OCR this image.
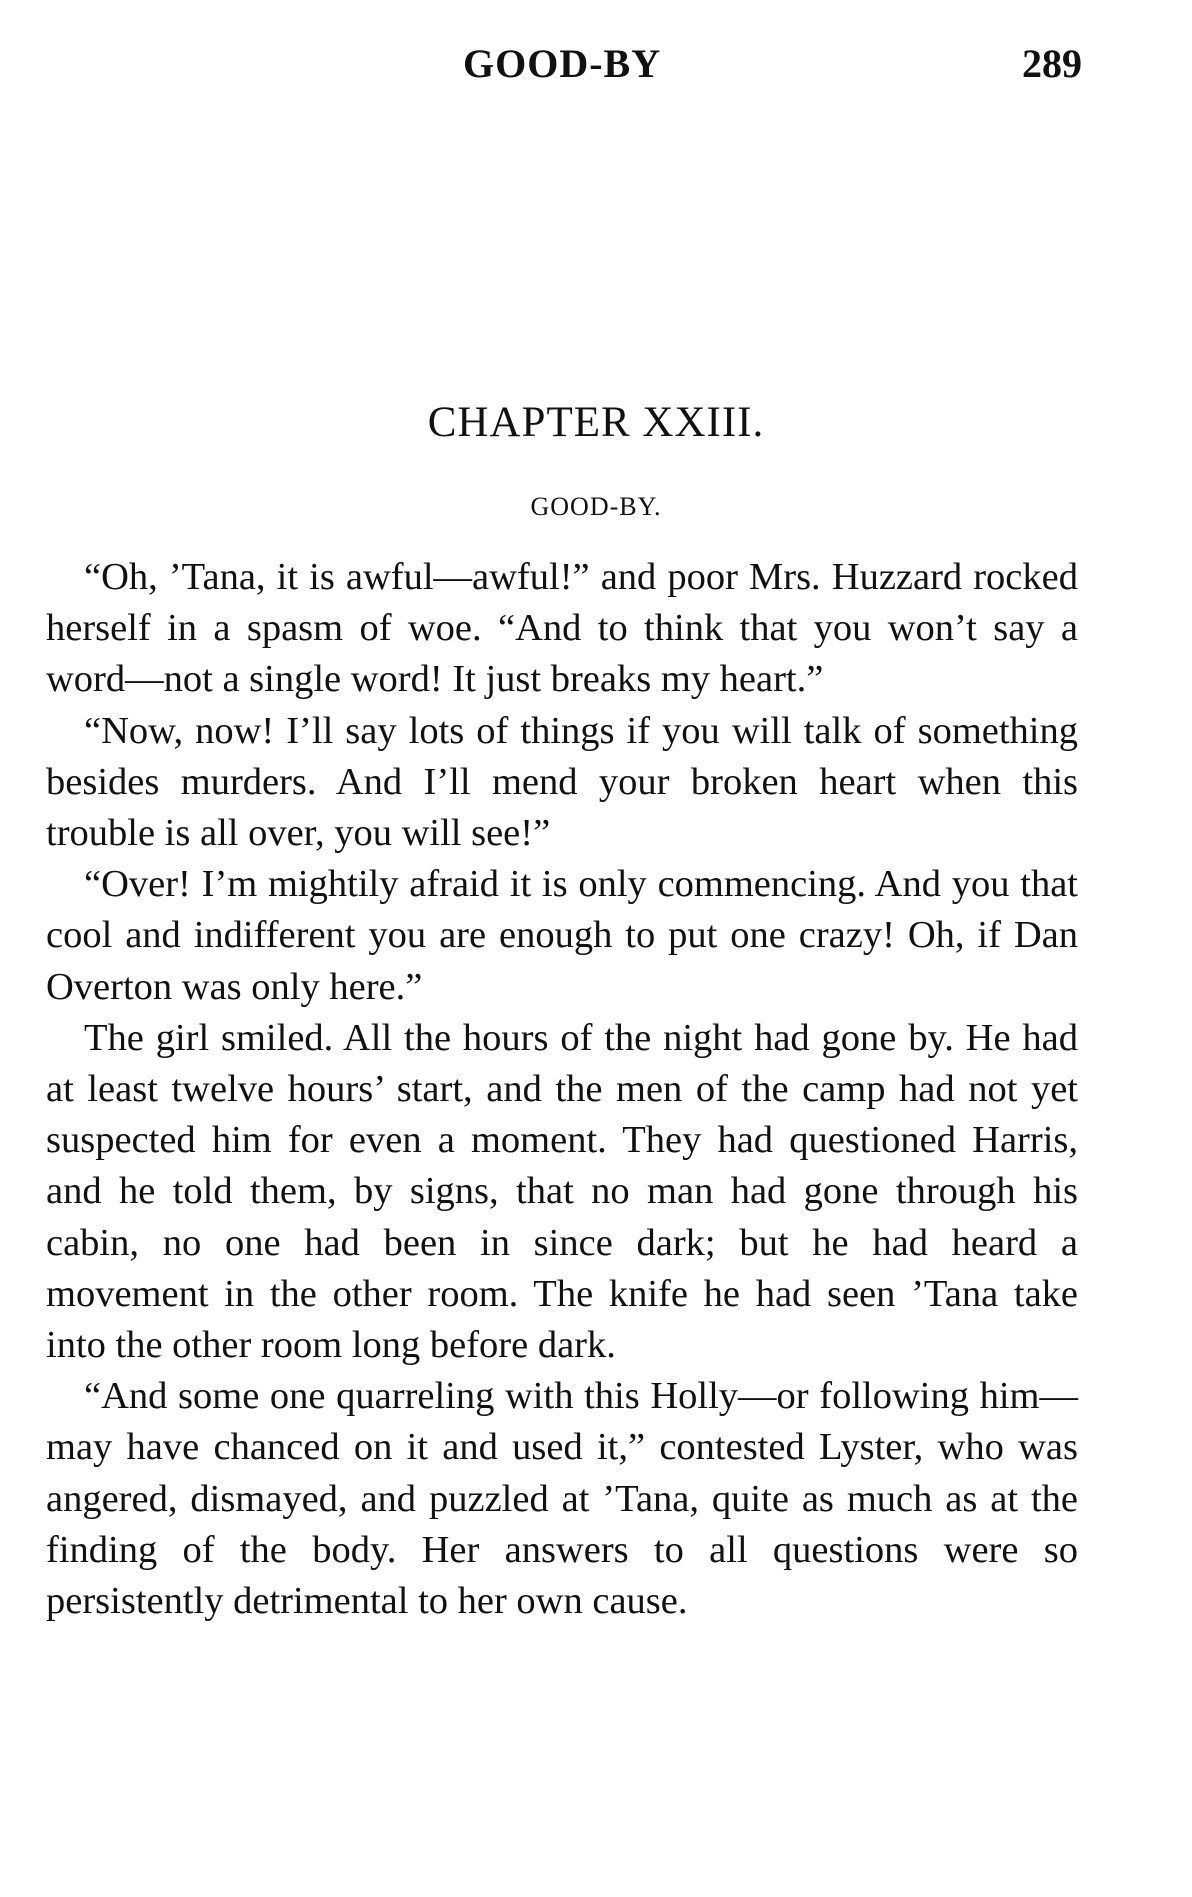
GOOD-BY	289
CHAPTER XXIII.
GOOD-BY.

“Oh, ’Tana, it is awful—awful!” and poor Mrs. Huzzard rocked herself in a spasm of woe. “And to think that you won’t say a word—not a single word! It just breaks my heart.”

“Now, now! I’ll say lots of things if you will talk of something besides murders. And I’ll mend your broken heart when this trouble is all over, you will see!”

“Over! I’m mightily afraid it is only commencing. And you that cool and indifferent you are enough to put one crazy! Oh, if Dan Overton was only here.”

The girl smiled. All the hours of the night had gone by. He had at least twelve hours’ start, and the men of the camp had not yet suspected him for even a moment. They had questioned Harris, and he told them, by signs, that no man had gone through his cabin, no one had been in since dark; but he had heard a movement in the other room. The knife he had seen ’Tana take into the other room long before dark.

“And some one quarreling with this Holly—or following him—may have chanced on it and used it,” contested Lyster, who was angered, dismayed, and puzzled at ’Tana, quite as much as at the finding of the body. Her answers to all questions were so persistently detrimental to her own cause.
